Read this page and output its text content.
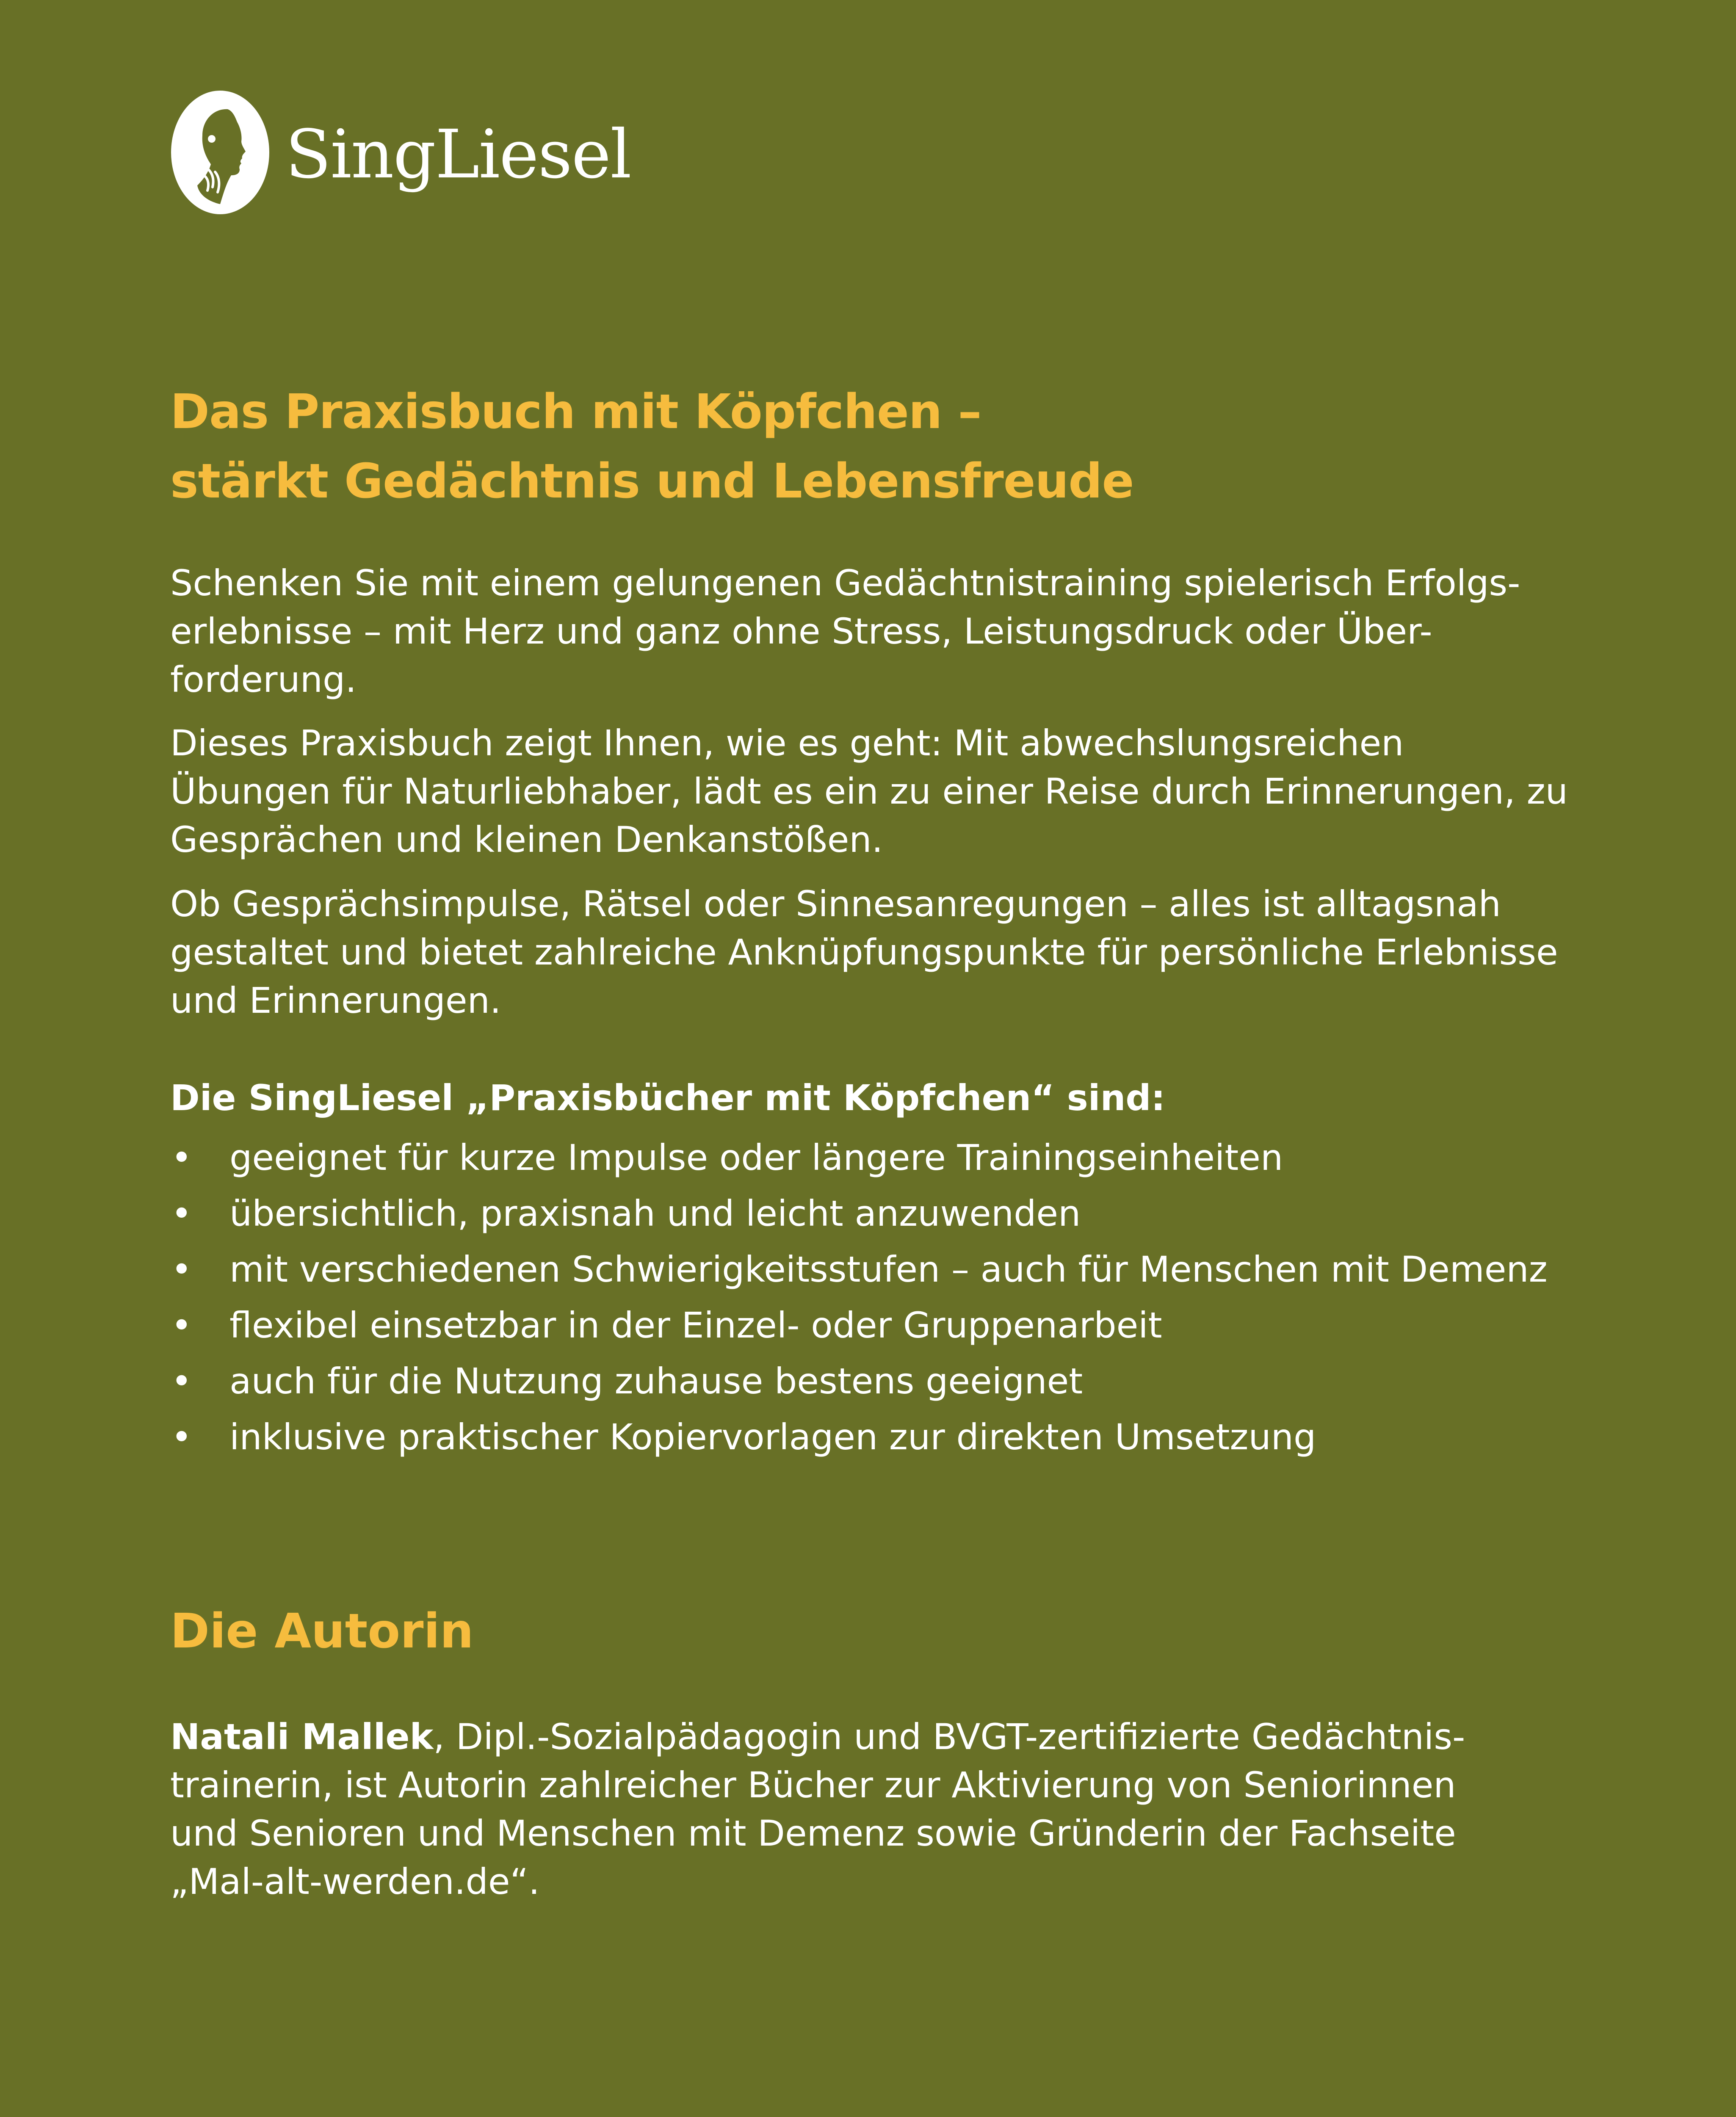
SingLiesel
Das Praxisbuch mit Köpfchen –
stärkt Gedächtnis und Lebensfreude

Schenken Sie mit einem gelungenen Gedächtnistraining spielerisch Erfolgs-
erlebnisse – mit Herz und ganz ohne Stress, Leistungsdruck oder Über-
forderung.

Dieses Praxisbuch zeigt Ihnen, wie es geht: Mit abwechslungsreichen
Übungen für Naturliebhaber, lädt es ein zu einer Reise durch Erinnerungen, zu
Gesprächen und kleinen Denkanstößen.

Ob Gesprächsimpulse, Rätsel oder Sinnesanregungen – alles ist alltagsnah
gestaltet und bietet zahlreiche Anknüpfungspunkte für persönliche Erlebnisse
und Erinnerungen.

Die SingLiesel „Praxisbücher mit Köpfchen“ sind:
• geeignet für kurze Impulse oder längere Trainingseinheiten
• übersichtlich, praxisnah und leicht anzuwenden
• mit verschiedenen Schwierigkeitsstufen – auch für Menschen mit Demenz
• flexibel einsetzbar in der Einzel- oder Gruppenarbeit
• auch für die Nutzung zuhause bestens geeignet
• inklusive praktischer Kopiervorlagen zur direkten Umsetzung
Die Autorin
Natali Mallek, Dipl.-Sozialpädagogin und BVGT-zertifizierte Gedächtnis-
trainerin, ist Autorin zahlreicher Bücher zur Aktivierung von Seniorinnen
und Senioren und Menschen mit Demenz sowie Gründerin der Fachseite
„Mal-alt-werden.de“.
